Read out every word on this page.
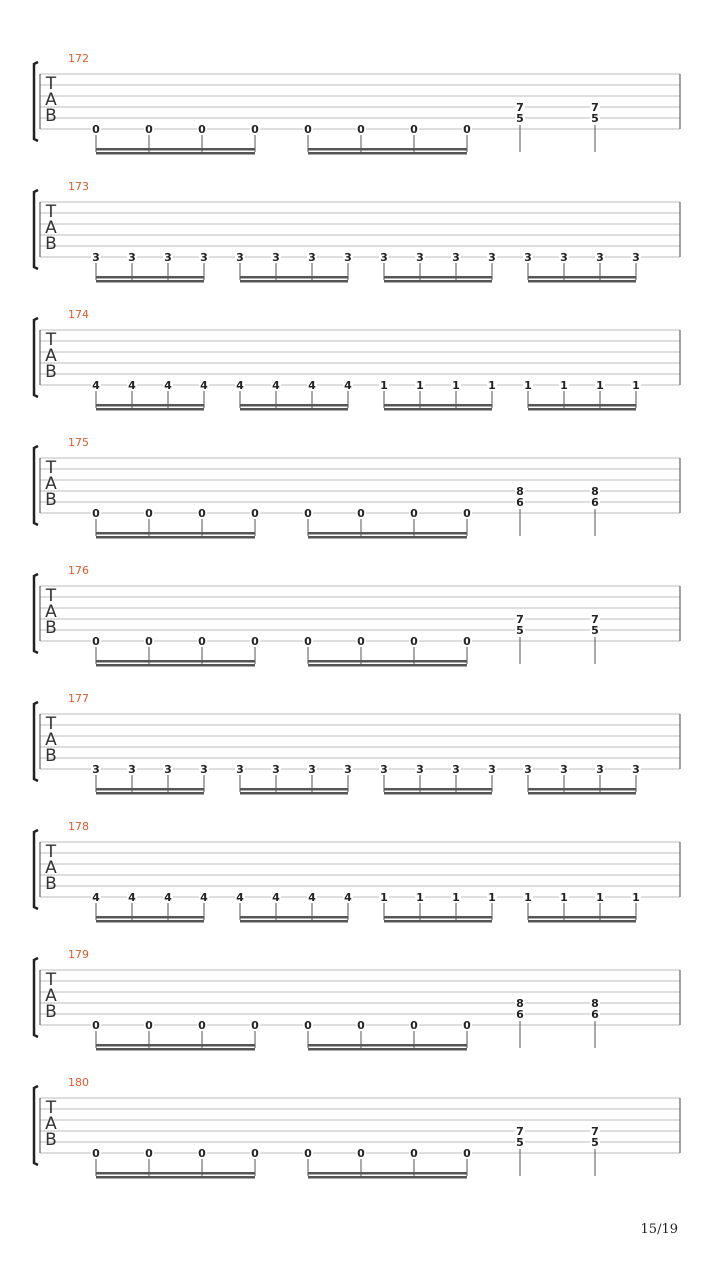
172
T
A
B
0	0	0	0	0	0	0	0
7
5
7
5
173
T
A
B
3	3	3	3	3	3	3	3	3	3	3	3	3	3	3	3
174
T
A
B
4	4	4	4	4	4	4	4	1	1	1	1	1	1	1	1
175
T
A
B
0	0	0	0	0	0	0	0
8
6
8
6
176
T
A
B
0	0	0	0	0	0	0	0
7
5
7
5
177
T
A
B
3	3	3	3	3	3	3	3	3	3	3	3	3	3	3	3
178
T
A
B
4	4	4	4	4	4	4	4	1	1	1	1	1	1	1	1
179
T
A
B
0	0	0	0	0	0	0	0
8
6
8
6
180
T
A
B
0	0	0	0	0	0	0	0
7
5
7
5
15/19
